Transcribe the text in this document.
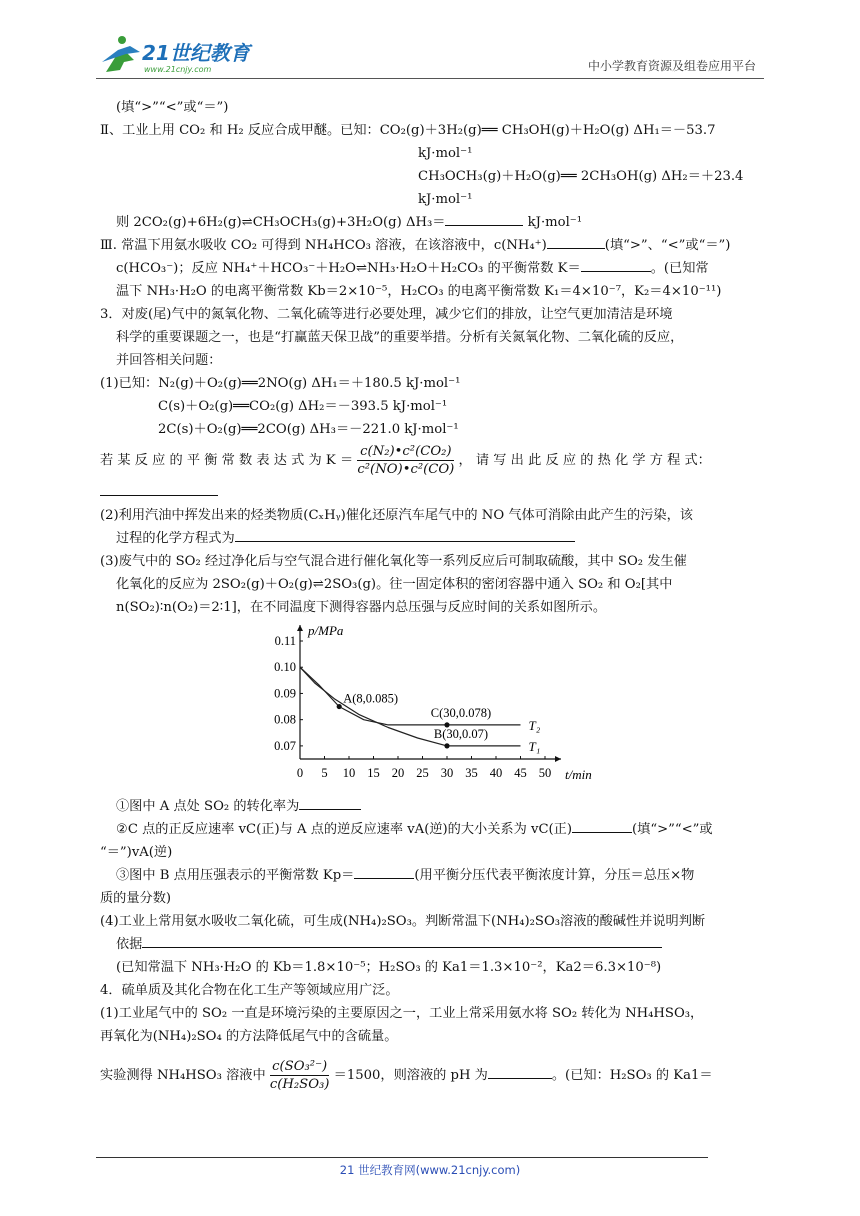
21世纪教育
www.21cnjy.com	中小学教育资源及组卷应用平台
(填“>”“<”或“＝”)
Ⅱ、工业上用 CO₂ 和 H₂ 反应合成甲醚。已知：CO₂(g)＋3H₂(g)══ CH₃OH(g)＋H₂O(g) ΔH₁＝－53.7
kJ·mol⁻¹
CH₃OCH₃(g)＋H₂O(g)══ 2CH₃OH(g) ΔH₂＝＋23.4
kJ·mol⁻¹
则 2CO₂(g)+6H₂(g)⇌CH₃OCH₃(g)+3H₂O(g) ΔH₃＝	kJ·mol⁻¹
Ⅲ. 常温下用氨水吸收 CO₂ 可得到 NH₄HCO₃ 溶液，在该溶液中，c(NH₄⁺)	(填“>”、“<”或“＝”)
c(HCO₃⁻)；反应 NH₄⁺＋HCO₃⁻＋H₂O⇌NH₃·H₂O＋H₂CO₃ 的平衡常数 K＝	。(已知常
温下 NH₃·H₂O 的电离平衡常数 Kb＝2×10⁻⁵，H₂CO₃ 的电离平衡常数 K₁＝4×10⁻⁷，K₂＝4×10⁻¹¹)
3．对废(尾)气中的氮氧化物、二氧化硫等进行必要处理，减少它们的排放，让空气更加清洁是环境
科学的重要课题之一，也是“打赢蓝天保卫战”的重要举措。分析有关氮氧化物、二氧化硫的反应，
并回答相关问题：
(1)已知：N₂(g)＋O₂(g)══2NO(g) ΔH₁＝＋180.5 kJ·mol⁻¹
C(s)＋O₂(g)══CO₂(g) ΔH₂＝－393.5 kJ·mol⁻¹
2C(s)＋O₂(g)══2CO(g) ΔH₃＝－221.0 kJ·mol⁻¹
若 某 反 应 的 平 衡 常 数 表 达 式 为 $K = \frac{\text{c(N₂)•c²(CO₂)}}{\text{c²(NO)•c²(CO)}}$ ， 请 写 出 此 反 应 的 热 化 学 方 程 式：
(2)利用汽油中挥发出来的烃类物质(CₓHᵧ)催化还原汽车尾气中的 NO 气体可消除由此产生的污染，该
过程的化学方程式为
(3)废气中的 SO₂ 经过净化后与空气混合进行催化氧化等一系列反应后可制取硫酸，其中 SO₂ 发生催
化氧化的反应为 2SO₂(g)＋O₂(g)⇌2SO₃(g)。往一固定体积的密闭容器中通入 SO₂ 和 O₂[其中
n(SO₂)∶n(O₂)＝2∶1]，在不同温度下测得容器内总压强与反应时间的关系如图所示。
p/MPa
t/min
0 5 10 15 20 25 30 35 40 45 50
0.07
0.08
0.09
0.10
0.11
T₂
T₁
A(8,0.085)
C(30,0.078)
B(30,0.07)
①图中 A 点处 SO₂ 的转化率为
②C 点的正反应速率 vC(正)与 A 点的逆反应速率 vA(逆)的大小关系为 vC(正)	(填“>”“<”或
“＝”)vA(逆)
③图中 B 点用压强表示的平衡常数 Kp＝	(用平衡分压代表平衡浓度计算，分压＝总压×物
质的量分数)
(4)工业上常用氨水吸收二氧化硫，可生成(NH₄)₂SO₃。判断常温下(NH₄)₂SO₃溶液的酸碱性并说明判断
依据
(已知常温下 NH₃·H₂O 的 Kb＝1.8×10⁻⁵；H₂SO₃ 的 Ka1＝1.3×10⁻²，Ka2＝6.3×10⁻⁸)
4．硫单质及其化合物在化工生产等领域应用广泛。
(1)工业尾气中的 SO₂ 一直是环境污染的主要原因之一，工业上常采用氨水将 SO₂ 转化为 NH₄HSO₃，
再氧化为(NH₄)₂SO₄ 的方法降低尾气中的含硫量。
实验测得 NH₄HSO₃ 溶液中 $\frac{\text{c(SO₃²⁻)}}{\text{c(H₂SO₃)}} =1500$，则溶液的 pH 为	。(已知：H₂SO₃ 的 Ka1＝
21 世纪教育网(www.21cnjy.com)
